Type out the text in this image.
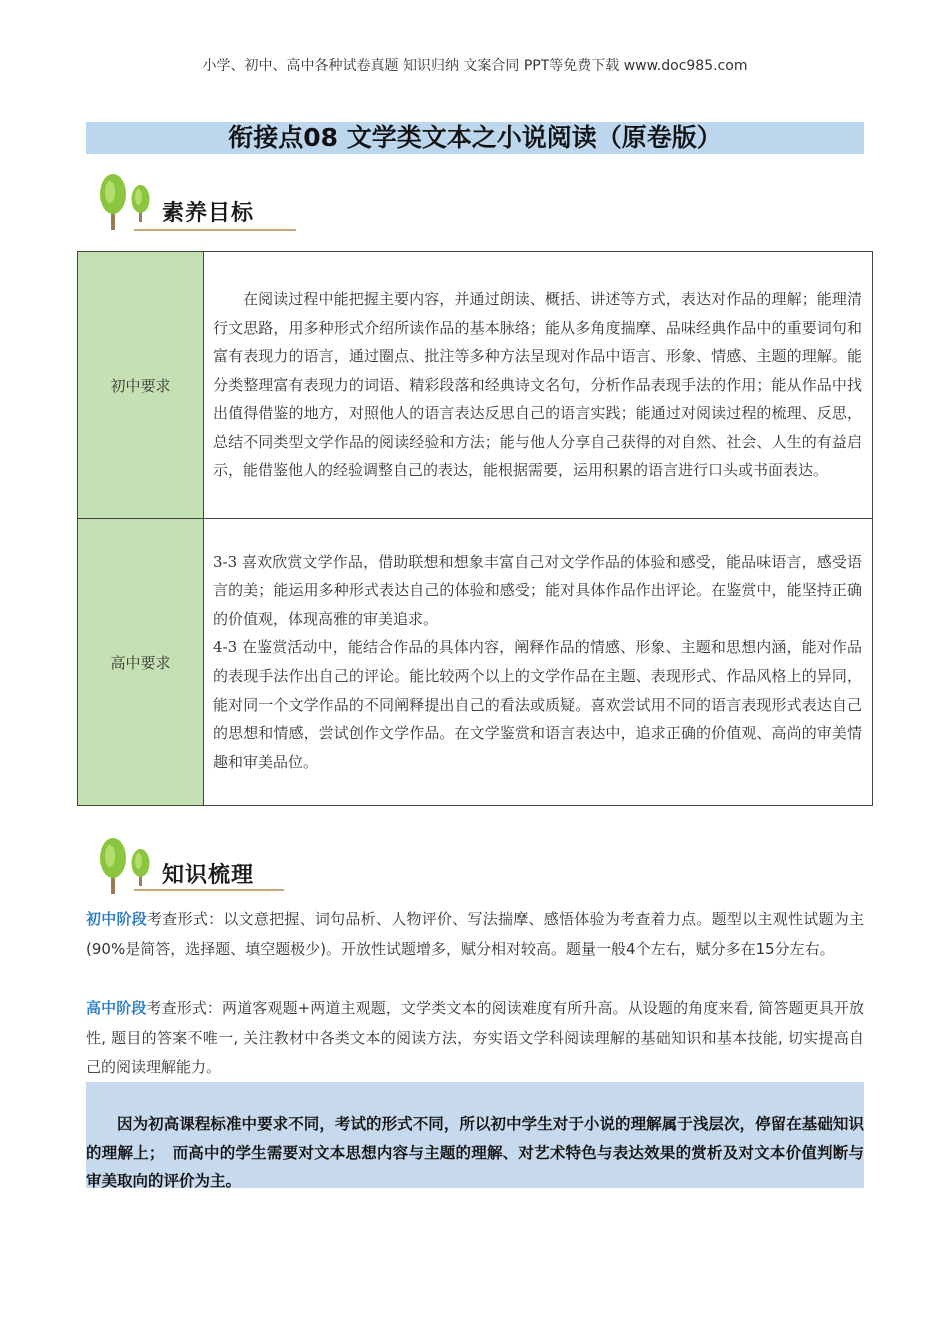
小学、初中、高中各种试卷真题 知识归纳 文案合同 PPT等免费下载 www.doc985.com
衔接点08 文学类文本之小说阅读（原卷版）
素养目标
初中要求	在阅读过程中能把握主要内容，并通过朗读、概括、讲述等方式，表达对作品的理解；能理清行文思路，用多种形式介绍所读作品的基本脉络；能从多角度揣摩、品味经典作品中的重要词句和富有表现力的语言，通过圈点、批注等多种方法呈现对作品中语言、形象、情感、主题的理解。能分类整理富有表现力的词语、精彩段落和经典诗文名句，分析作品表现手法的作用；能从作品中找出值得借鉴的地方，对照他人的语言表达反思自己的语言实践；能通过对阅读过程的梳理、反思，总结不同类型文学作品的阅读经验和方法；能与他人分享自己获得的对自然、社会、人生的有益启示，能借鉴他人的经验调整自己的表达，能根据需要，运用积累的语言进行口头或书面表达。

高中要求	3-3 喜欢欣赏文学作品，借助联想和想象丰富自己对文学作品的体验和感受，能品味语言，感受语言的美；能运用多种形式表达自己的体验和感受；能对具体作品作出评论。在鉴赏中，能坚持正确的价值观，体现高雅的审美追求。

4-3 在鉴赏活动中，能结合作品的具体内容，阐释作品的情感、形象、主题和思想内涵，能对作品的表现手法作出自己的评论。能比较两个以上的文学作品在主题、表现形式、作品风格上的异同，能对同一个文学作品的不同阐释提出自己的看法或质疑。喜欢尝试用不同的语言表现形式表达自己的思想和情感，尝试创作文学作品。在文学鉴赏和语言表达中，追求正确的价值观、高尚的审美情趣和审美品位。

知识梳理

初中阶段考查形式：以文意把握、词句品析、人物评价、写法揣摩、感悟体验为考查着力点。题型以主观性试题为主(90%是简答，选择题、填空题极少)。开放性试题增多，赋分相对较高。题量一般4个左右，赋分多在15分左右。

高中阶段考查形式：两道客观题+两道主观题，文学类文本的阅读难度有所升高。从设题的角度来看, 简答题更具开放性, 题目的答案不唯一, 关注教材中各类文本的阅读方法，夯实语文学科阅读理解的基础知识和基本技能, 切实提高自己的阅读理解能力。

因为初高课程标准中要求不同，考试的形式不同，所以初中学生对于小说的理解属于浅层次，停留在基础知识的理解上；　而高中的学生需要对文本思想内容与主题的理解、对艺术特色与表达效果的赏析及对文本价值判断与审美取向的评价为主。
